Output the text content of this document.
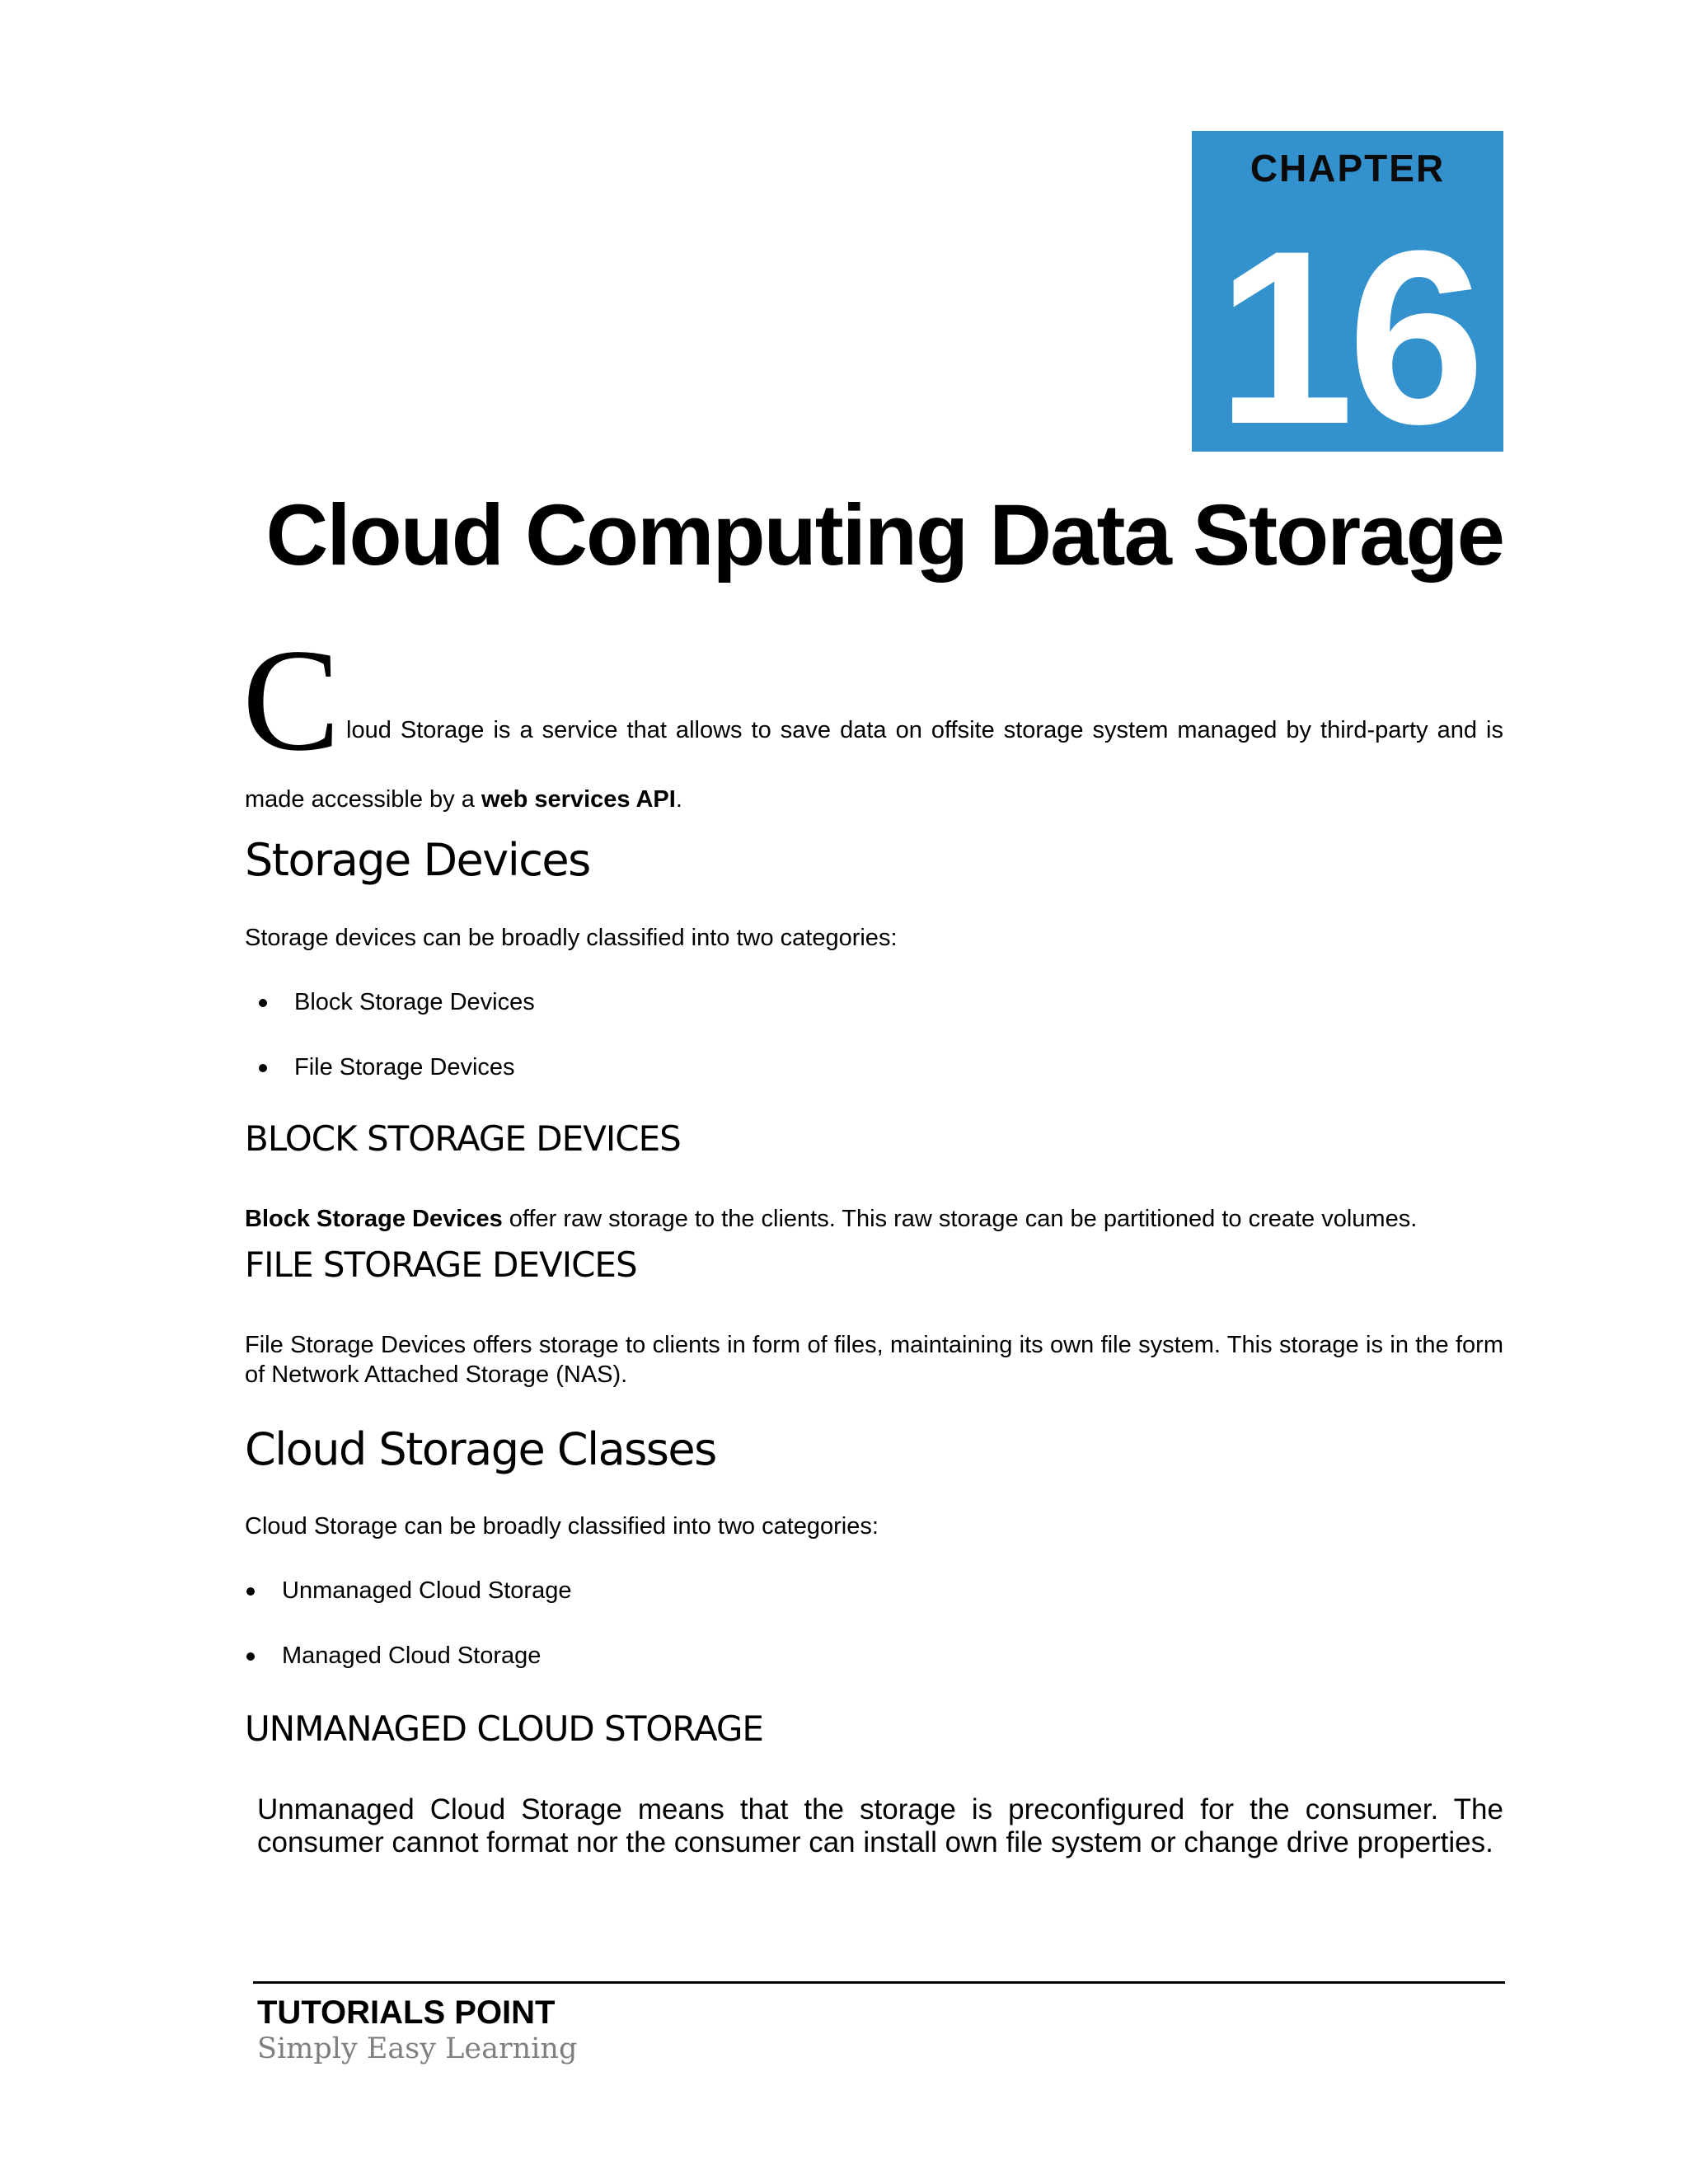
CHAPTER
16
Cloud Computing Data Storage
C loud Storage is a service that allows to save data on offsite storage system managed by third-party and is
made accessible by a web services API.
Storage Devices
Storage devices can be broadly classified into two categories:
Block Storage Devices
File Storage Devices
BLOCK STORAGE DEVICES
Block Storage Devices offer raw storage to the clients. This raw storage can be partitioned to create volumes.
FILE STORAGE DEVICES
File Storage Devices offers storage to clients in form of files, maintaining its own file system. This storage is in the form of Network Attached Storage (NAS).
Cloud Storage Classes
Cloud Storage can be broadly classified into two categories:
Unmanaged Cloud Storage
Managed Cloud Storage
UNMANAGED CLOUD STORAGE
Unmanaged Cloud Storage means that the storage is preconfigured for the consumer. The consumer cannot format nor the consumer can install own file system or change drive properties.
TUTORIALS POINT
Simply Easy Learning
